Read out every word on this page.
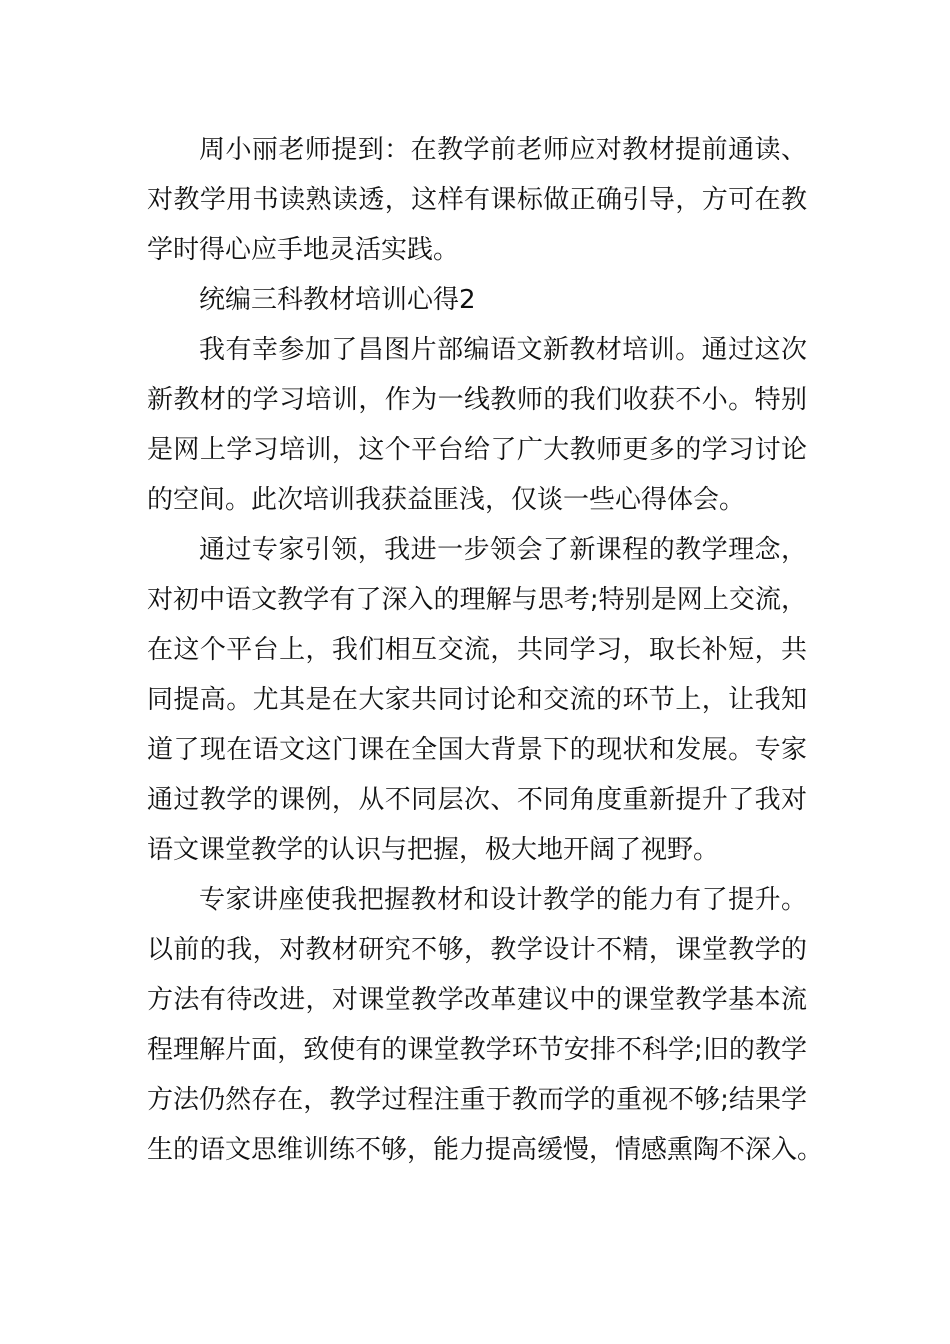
周小丽老师提到：在教学前老师应对教材提前通读、
对教学用书读熟读透，这样有课标做正确引导，方可在教
学时得心应手地灵活实践。
统编三科教材培训心得2
我有幸参加了昌图片部编语文新教材培训。通过这次
新教材的学习培训，作为一线教师的我们收获不小。特别
是网上学习培训，这个平台给了广大教师更多的学习讨论
的空间。此次培训我获益匪浅，仅谈一些心得体会。
通过专家引领，我进一步领会了新课程的教学理念，
对初中语文教学有了深入的理解与思考;特别是网上交流，
在这个平台上，我们相互交流，共同学习，取长补短，共
同提高。尤其是在大家共同讨论和交流的环节上，让我知
道了现在语文这门课在全国大背景下的现状和发展。专家
通过教学的课例，从不同层次、不同角度重新提升了我对
语文课堂教学的认识与把握，极大地开阔了视野。
专家讲座使我把握教材和设计教学的能力有了提升。
以前的我，对教材研究不够，教学设计不精，课堂教学的
方法有待改进，对课堂教学改革建议中的课堂教学基本流
程理解片面，致使有的课堂教学环节安排不科学;旧的教学
方法仍然存在，教学过程注重于教而学的重视不够;结果学
生的语文思维训练不够，能力提高缓慢，情感熏陶不深入。
